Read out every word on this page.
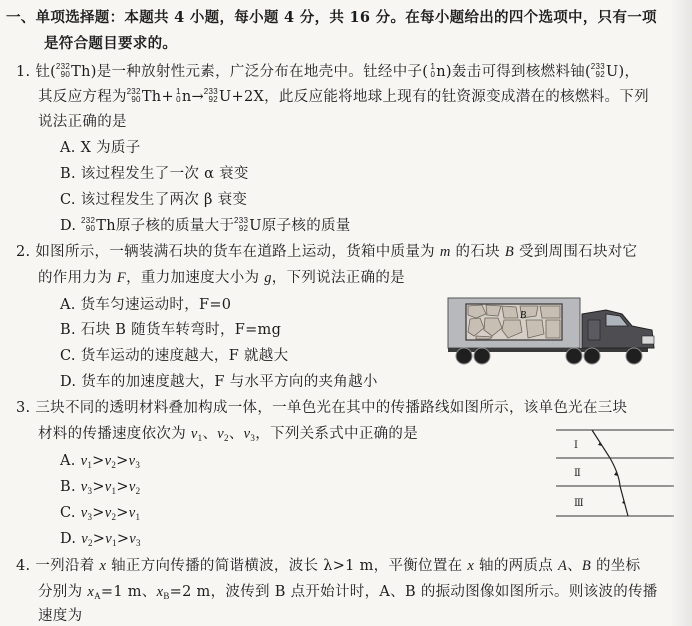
一、单项选择题：本题共 4 小题，每小题 4 分，共 16 分。在每小题给出的四个选项中，只有一项
是符合题目要求的。
1. 钍( 232
90 Th)是一种放射性元素，广泛分布在地壳中。钍经中子( 1
0 n)轰击可得到核燃料铀( 233
92 U)，
其反应方程为 232
90 Th+ 1
0 n→ 233
92 U+2X，此反应能将地球上现有的钍资源变成潜在的核燃料。下列
说法正确的是
A. X 为质子
B. 该过程发生了一次 α 衰变
C. 该过程发生了两次 β 衰变
D. 232
90 Th原子核的质量大于 233
92 U原子核的质量
2. 如图所示，一辆装满石块的货车在道路上运动，货箱中质量为 m 的石块 B 受到周围石块对它
的作用力为 F，重力加速度大小为 g，下列说法正确的是
A. 货车匀速运动时，F=0
B. 石块 B 随货车转弯时，F=mg
C. 货车运动的速度越大，F 就越大
D. 货车的加速度越大，F 与水平方向的夹角越小
B
3. 三块不同的透明材料叠加构成一体，一单色光在其中的传播路线如图所示，该单色光在三块
材料的传播速度依次为 $v_1$、$v_2$、$v_3$，下列关系式中正确的是
A. $v_1>v_2>v_3$
B. $v_3>v_1>v_2$
C. $v_3>v_2>v_1$
D. $v_2>v_1>v_3$
Ⅰ
Ⅱ
Ⅲ
4. 一列沿着 x 轴正方向传播的简谐横波，波长 λ>1 m，平衡位置在 x 轴的两质点 A、B 的坐标
分别为 $x_A=1$ m、$x_B=2$ m，波传到 B 点开始计时，A、B 的振动图像如图所示。则该波的传播
速度为
